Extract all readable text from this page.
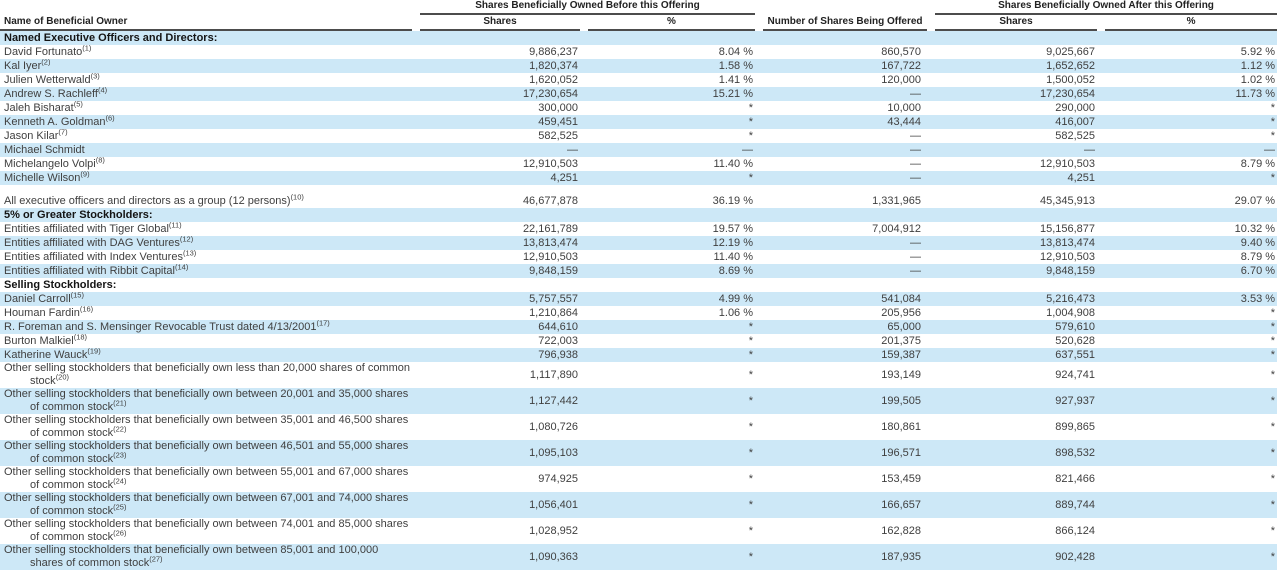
	Shares Beneficially Owned Before this Offering			Shares Beneficially Owned After this Offering	

Name of Beneficial Owner	Shares	%	Number of Shares Being Offered	Shares	%

Named Executive Officers and Directors:					

David Fortunato$^{(1)}$	9,886,237	8.04 %	860,570	9,025,667	5.92 %

Kal Iyer$^{(2)}$	1,820,374	1.58 %	167,722	1,652,652	1.12 %

Julien Wetterwald$^{(3)}$	1,620,052	1.41 %	120,000	1,500,052	1.02 %

Andrew S. Rachleff$^{(4)}$	17,230,654	15.21 %	—	17,230,654	11.73 %

Jaleh Bisharat$^{(5)}$	300,000	*	10,000	290,000	*

Kenneth A. Goldman$^{(6)}$	459,451	*	43,444	416,007	*

Jason Kilar$^{(7)}$	582,525	*	—	582,525	*

Michael Schmidt	—	—	—	—	—

Michelangelo Volpi$^{(8)}$	12,910,503	11.40 %	—	12,910,503	8.79 %

Michelle Wilson$^{(9)}$	4,251	*	—	4,251	*

All executive officers and directors as a group (12 persons)$^{(10)}$	46,677,878	36.19 %	1,331,965	45,345,913	29.07 %
5% or Greater Stockholders:					

Entities affiliated with Tiger Global$^{(11)}$	22,161,789	19.57 %	7,004,912	15,156,877	10.32 %

Entities affiliated with DAG Ventures$^{(12)}$	13,813,474	12.19 %	—	13,813,474	9.40 %

Entities affiliated with Index Ventures$^{(13)}$	12,910,503	11.40 %	—	12,910,503	8.79 %

Entities affiliated with Ribbit Capital$^{(14)}$	9,848,159	8.69 %	—	9,848,159	6.70 %
Selling Stockholders:					

Daniel Carroll$^{(15)}$	5,757,557	4.99 %	541,084	5,216,473	3.53 %

Houman Fardin$^{(16)}$	1,210,864	1.06 %	205,956	1,004,908	*

R. Foreman and S. Mensinger Revocable Trust dated 4/13/2001$^{(17)}$	644,610	*	65,000	579,610	*

Burton Malkiel$^{(18)}$	722,003	*	201,375	520,628	*

Katherine Wauck$^{(19)}$	796,938	*	159,387	637,551	*

Other selling stockholders that beneficially own less than 20,000 shares of common stock$^{(20)}$	1,117,890	*	193,149	924,741	*

Other selling stockholders that beneficially own between 20,001 and 35,000 shares of common stock$^{(21)}$	1,127,442	*	199,505	927,937	*

Other selling stockholders that beneficially own between 35,001 and 46,500 shares of common stock$^{(22)}$	1,080,726	*	180,861	899,865	*

Other selling stockholders that beneficially own between 46,501 and 55,000 shares of common stock$^{(23)}$	1,095,103	*	196,571	898,532	*

Other selling stockholders that beneficially own between 55,001 and 67,000 shares of common stock$^{(24)}$	974,925	*	153,459	821,466	*

Other selling stockholders that beneficially own between 67,001 and 74,000 shares of common stock$^{(25)}$	1,056,401	*	166,657	889,744	*

Other selling stockholders that beneficially own between 74,001 and 85,000 shares of common stock$^{(26)}$	1,028,952	*	162,828	866,124	*

Other selling stockholders that beneficially own between 85,001 and 100,000 shares of common stock$^{(27)}$	1,090,363	*	187,935	902,428	*
